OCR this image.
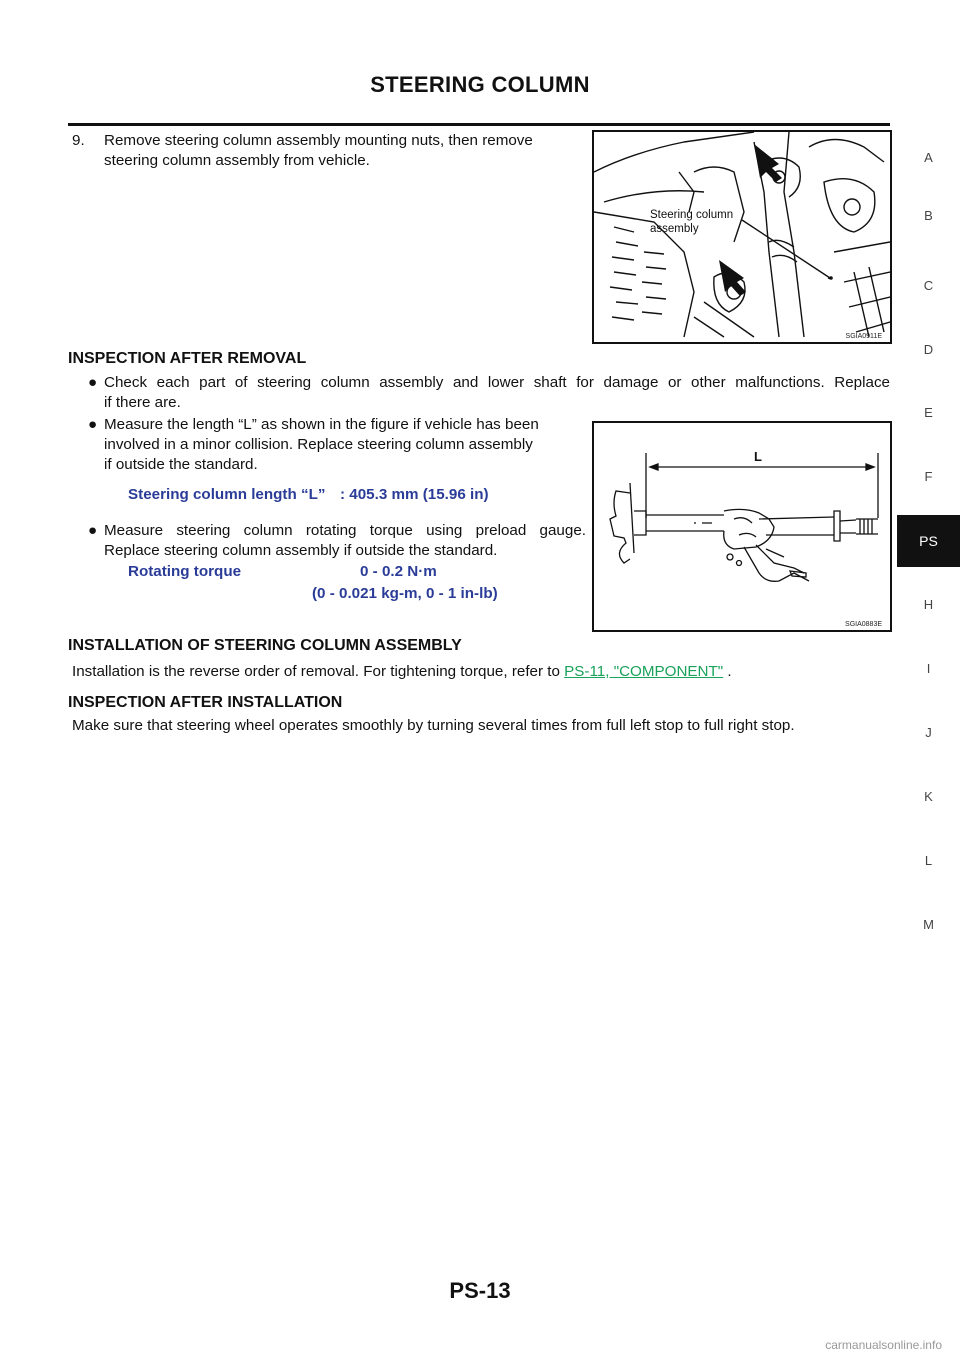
STEERING COLUMN
9. Remove steering column assembly mounting nuts, then remove
steering column assembly from vehicle.
Steering column
assembly
SGIA0911E
INSPECTION AFTER REMOVAL
● Check each part of steering column assembly and lower shaft for damage or other malfunctions. Replace
if there are.
● Measure the length “L” as shown in the figure if vehicle has been
involved in a minor collision. Replace steering column assembly
if outside the standard.
Steering column length “L” : 405.3 mm (15.96 in)
● Measure steering column rotating torque using preload gauge.
Replace steering column assembly if outside the standard.
Rotating torque	0 - 0.2 N·m
(0 - 0.021 kg-m, 0 - 1 in-lb)
L
SGIA0883E
INSTALLATION OF STEERING COLUMN ASSEMBLY
Installation is the reverse order of removal. For tightening torque, refer to PS-11, "COMPONENT" .
INSPECTION AFTER INSTALLATION
Make sure that steering wheel operates smoothly by turning several times from full left stop to full right stop.
A
B
C
D
E
F
PS
H
I
J
K
L
M
PS-13
carmanualsonline.info
